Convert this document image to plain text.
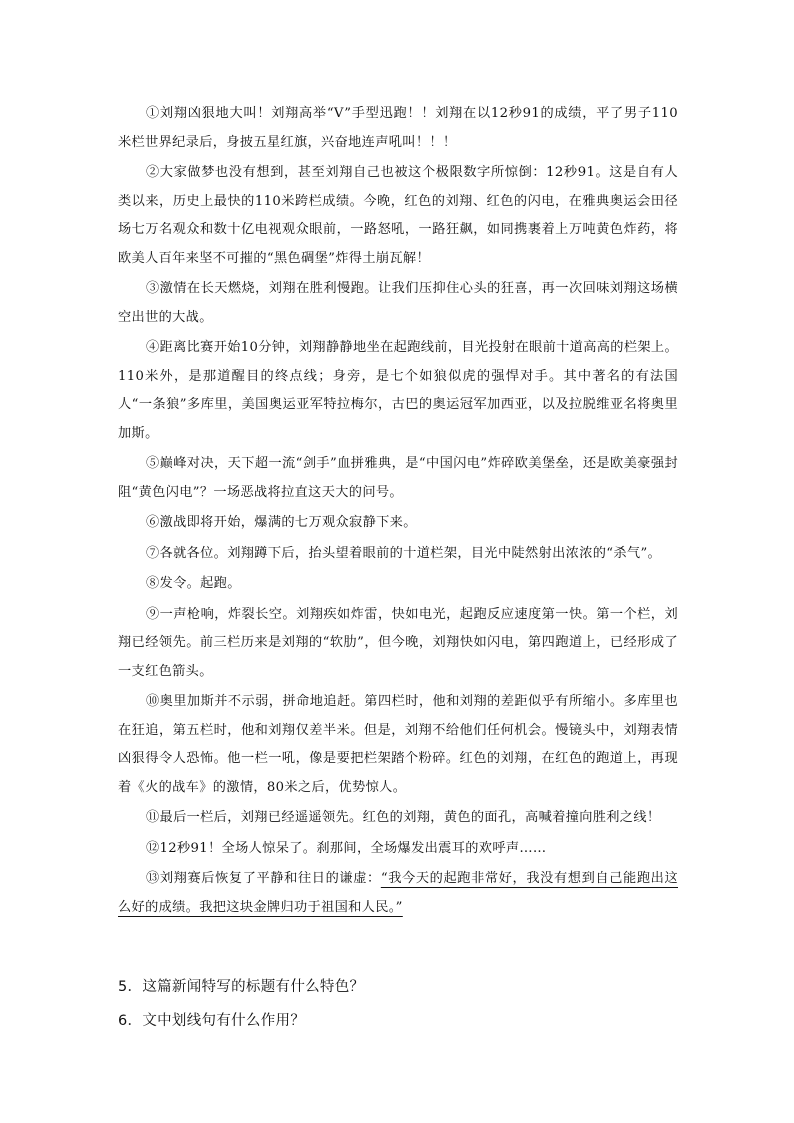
①刘翔凶狠地大叫！刘翔高举“V”手型迅跑！！刘翔在以12秒91的成绩，平了男子110米栏世界纪录后，身披五星红旗，兴奋地连声吼叫！！！

②大家做梦也没有想到，甚至刘翔自己也被这个极限数字所惊倒：12秒91。这是自有人类以来，历史上最快的110米跨栏成绩。今晚，红色的刘翔、红色的闪电，在雅典奥运会田径场七万名观众和数十亿电视观众眼前，一路怒吼，一路狂飙，如同携裹着上万吨黄色炸药，将欧美人百年来坚不可摧的“黑色碉堡”炸得土崩瓦解！

③激情在长天燃烧，刘翔在胜利慢跑。让我们压抑住心头的狂喜，再一次回味刘翔这场横空出世的大战。

④距离比赛开始10分钟，刘翔静静地坐在起跑线前，目光投射在眼前十道高高的栏架上。110米外，是那道醒目的终点线；身旁，是七个如狼似虎的强悍对手。其中著名的有法国人“一条狼”多库里，美国奥运亚军特拉梅尔，古巴的奥运冠军加西亚，以及拉脱维亚名将奥里加斯。

⑤巅峰对决，天下超一流“剑手”血拼雅典，是“中国闪电”炸碎欧美堡垒，还是欧美豪强封阻“黄色闪电”？一场恶战将拉直这天大的问号。

⑥激战即将开始，爆满的七万观众寂静下来。

⑦各就各位。刘翔蹲下后，抬头望着眼前的十道栏架，目光中陡然射出浓浓的“杀气”。

⑧发令。起跑。

⑨一声枪响，炸裂长空。刘翔疾如炸雷，快如电光，起跑反应速度第一快。第一个栏，刘翔已经领先。前三栏历来是刘翔的“软肋”，但今晚，刘翔快如闪电，第四跑道上，已经形成了一支红色箭头。

⑩奥里加斯并不示弱，拼命地追赶。第四栏时，他和刘翔的差距似乎有所缩小。多库里也在狂追，第五栏时，他和刘翔仅差半米。但是，刘翔不给他们任何机会。慢镜头中，刘翔表情凶狠得令人恐怖。他一栏一吼，像是要把栏架踏个粉碎。红色的刘翔，在红色的跑道上，再现着《火的战车》的激情，80米之后，优势惊人。

⑪最后一栏后，刘翔已经遥遥领先。红色的刘翔，黄色的面孔，高喊着撞向胜利之线！

⑫12秒91！全场人惊呆了。刹那间，全场爆发出震耳的欢呼声……

⑬刘翔赛后恢复了平静和往日的谦虚：“我今天的起跑非常好，我没有想到自己能跑出这么好的成绩。我把这块金牌归功于祖国和人民。”

5．这篇新闻特写的标题有什么特色？

6．文中划线句有什么作用？
